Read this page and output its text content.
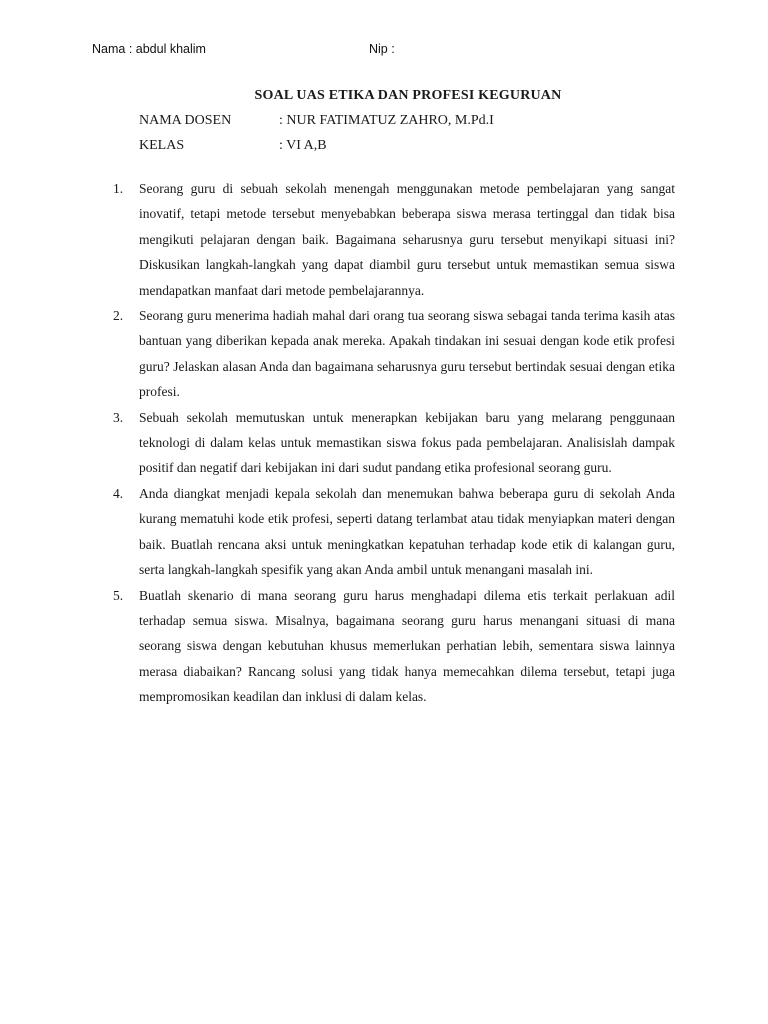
Nama : abdul khalim	Nip :
SOAL UAS ETIKA DAN PROFESI KEGURUAN
NAMA DOSEN	: NUR FATIMATUZ ZAHRO, M.Pd.I
KELAS	: VI A,B
1. Seorang guru di sebuah sekolah menengah menggunakan metode pembelajaran yang sangat inovatif, tetapi metode tersebut menyebabkan beberapa siswa merasa tertinggal dan tidak bisa mengikuti pelajaran dengan baik. Bagaimana seharusnya guru tersebut menyikapi situasi ini? Diskusikan langkah-langkah yang dapat diambil guru tersebut untuk memastikan semua siswa mendapatkan manfaat dari metode pembelajarannya.
2. Seorang guru menerima hadiah mahal dari orang tua seorang siswa sebagai tanda terima kasih atas bantuan yang diberikan kepada anak mereka. Apakah tindakan ini sesuai dengan kode etik profesi guru? Jelaskan alasan Anda dan bagaimana seharusnya guru tersebut bertindak sesuai dengan etika profesi.
3. Sebuah sekolah memutuskan untuk menerapkan kebijakan baru yang melarang penggunaan teknologi di dalam kelas untuk memastikan siswa fokus pada pembelajaran. Analisislah dampak positif dan negatif dari kebijakan ini dari sudut pandang etika profesional seorang guru.
4. Anda diangkat menjadi kepala sekolah dan menemukan bahwa beberapa guru di sekolah Anda kurang mematuhi kode etik profesi, seperti datang terlambat atau tidak menyiapkan materi dengan baik. Buatlah rencana aksi untuk meningkatkan kepatuhan terhadap kode etik di kalangan guru, serta langkah-langkah spesifik yang akan Anda ambil untuk menangani masalah ini.
5. Buatlah skenario di mana seorang guru harus menghadapi dilema etis terkait perlakuan adil terhadap semua siswa. Misalnya, bagaimana seorang guru harus menangani situasi di mana seorang siswa dengan kebutuhan khusus memerlukan perhatian lebih, sementara siswa lainnya merasa diabaikan? Rancang solusi yang tidak hanya memecahkan dilema tersebut, tetapi juga mempromosikan keadilan dan inklusi di dalam kelas.
